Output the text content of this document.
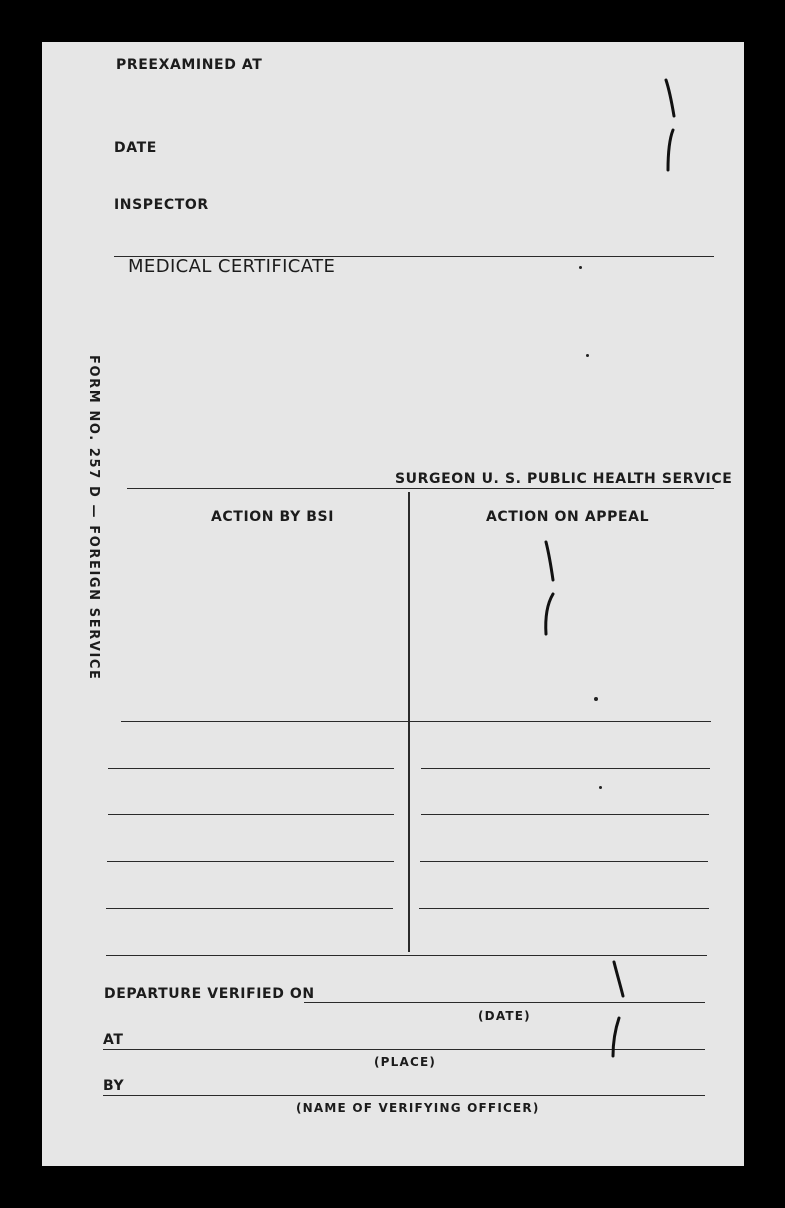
PREEXAMINED AT
DATE
INSPECTOR
MEDICAL CERTIFICATE
SURGEON U. S. PUBLIC HEALTH SERVICE
FORM NO. 257 D — FOREIGN SERVICE	ACTION BY BSI	ACTION ON APPEAL
DEPARTURE VERIFIED ON
(DATE)
AT
(PLACE)
BY
(NAME OF VERIFYING OFFICER)
